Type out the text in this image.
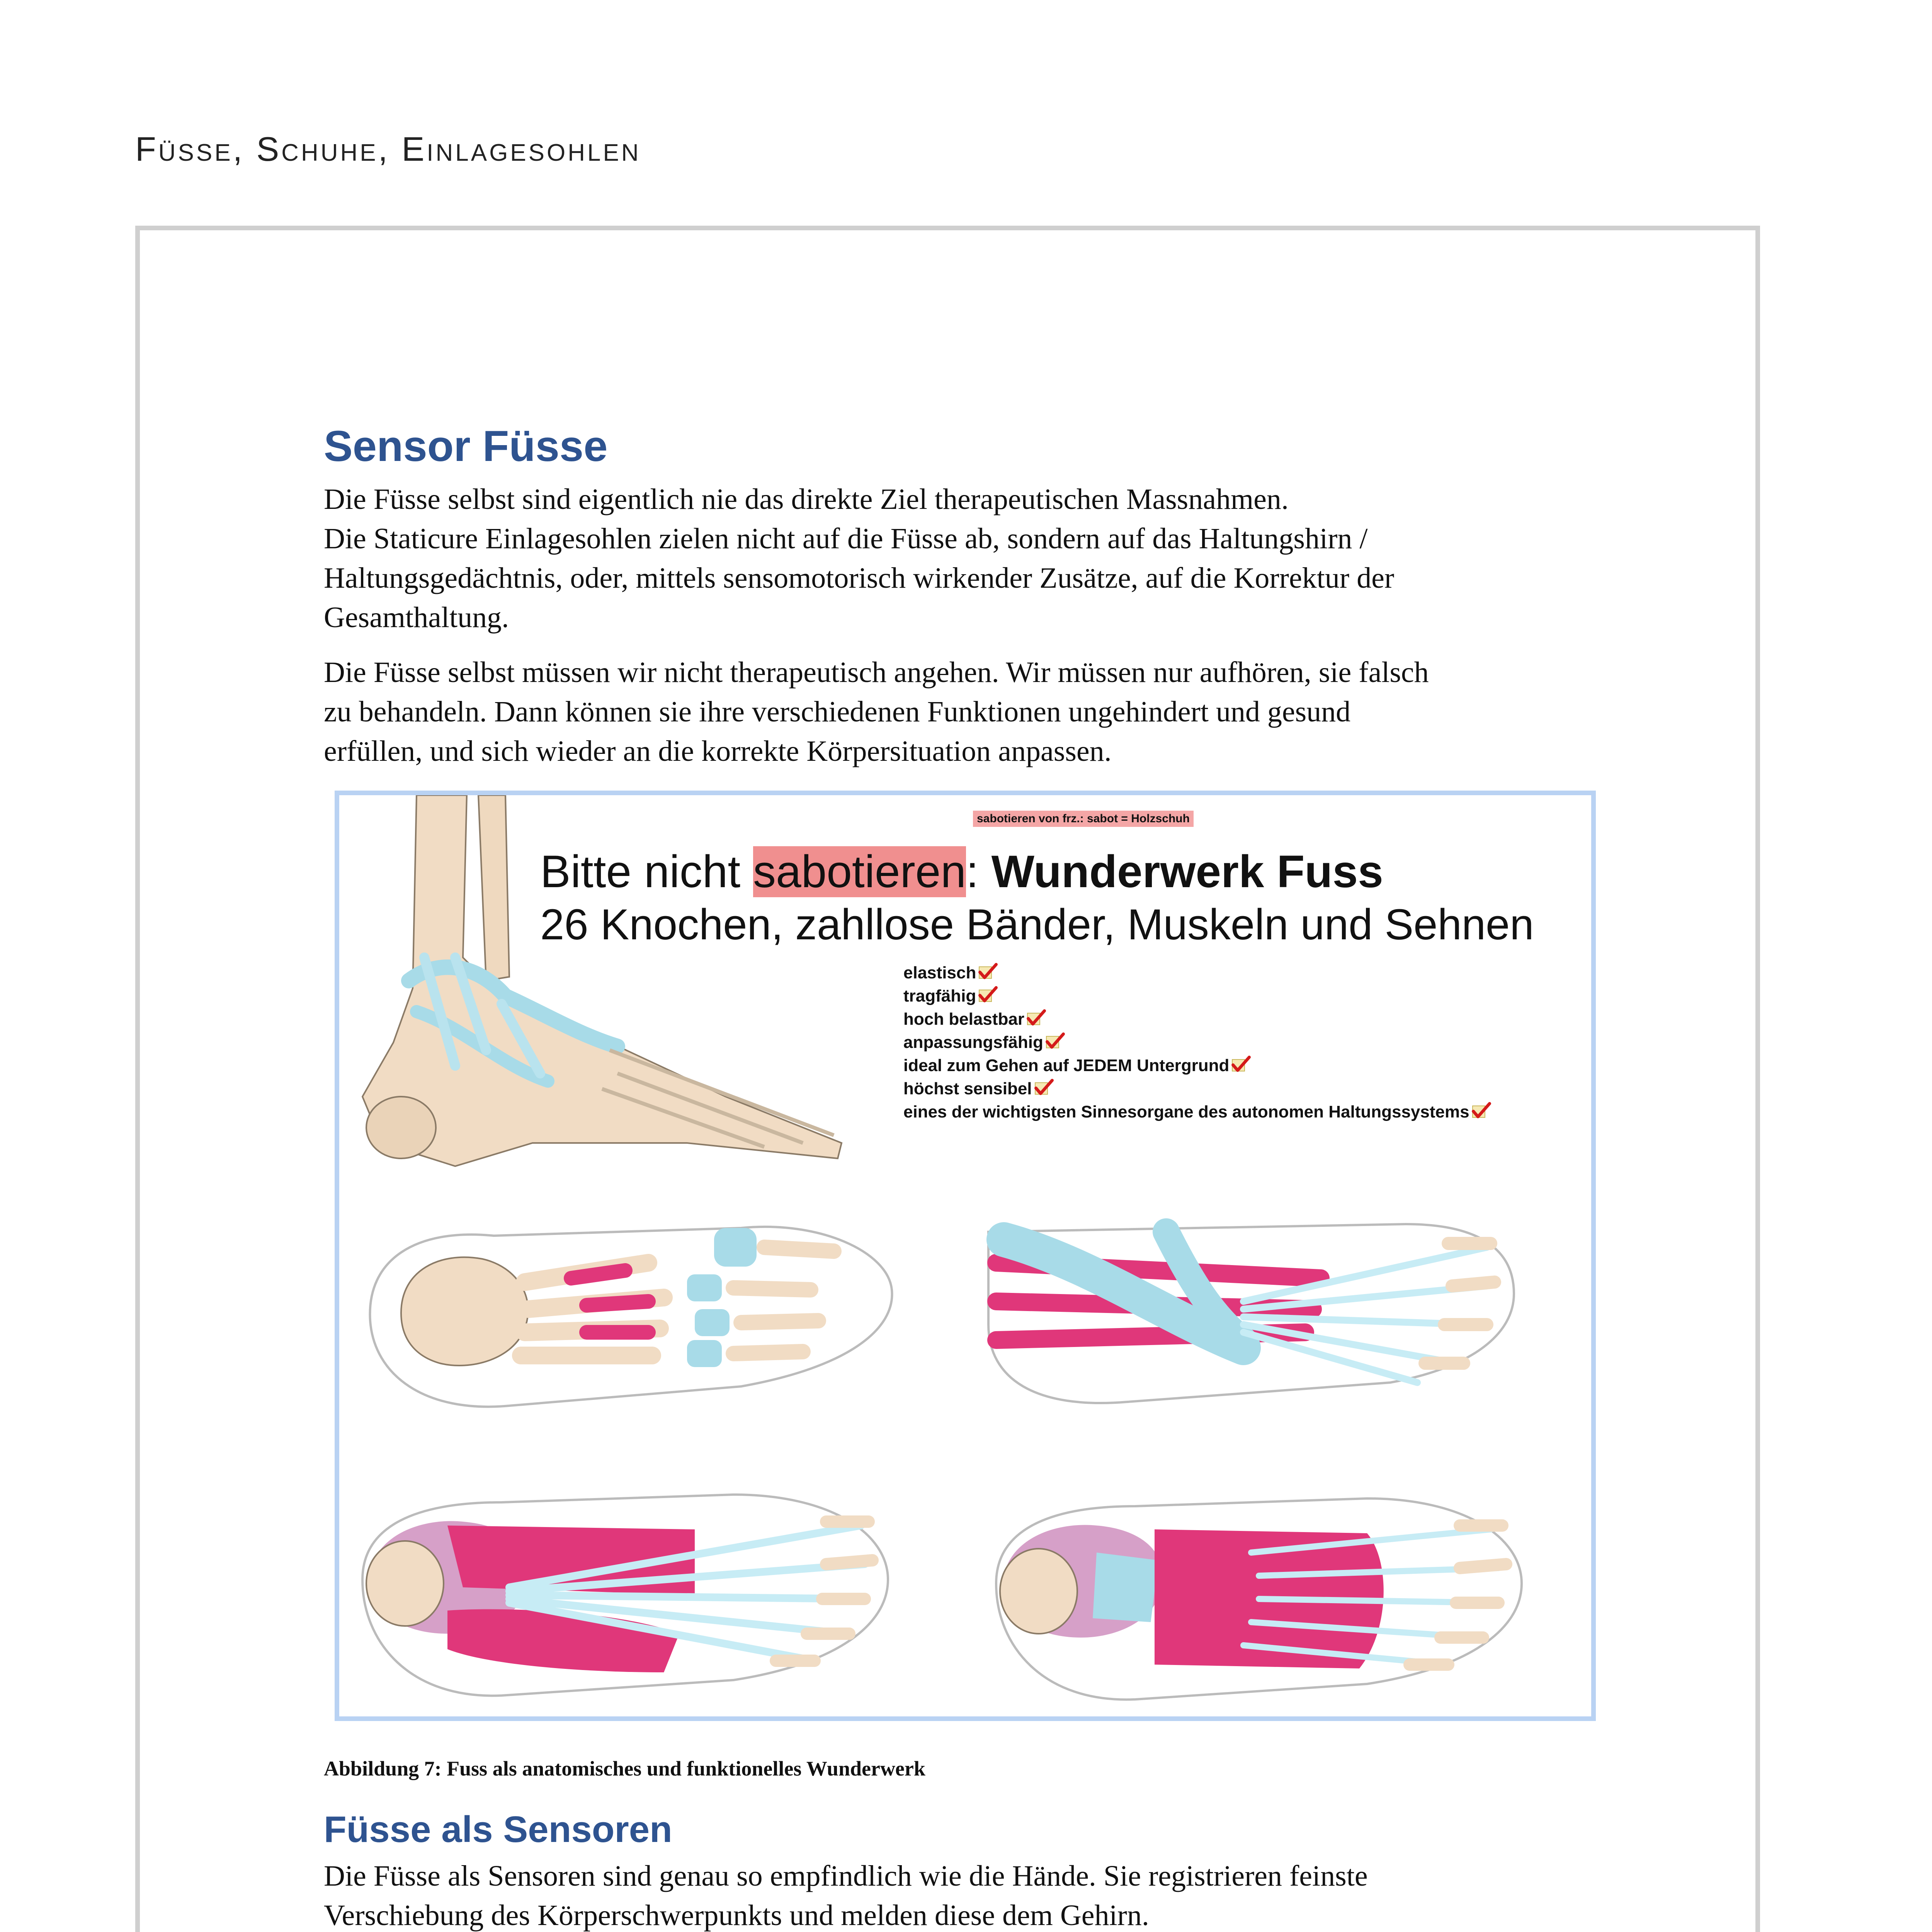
Füsse, Schuhe, Einlagesohlen
Sensor Füsse

Die Füsse selbst sind eigentlich nie das direkte Ziel therapeutischen Massnahmen.
Die Staticure Einlagesohlen zielen nicht auf die Füsse ab, sondern auf das Haltungshirn /
Haltungsgedächtnis, oder, mittels sensomotorisch wirkender Zusätze, auf die Korrektur der
Gesamthaltung.

Die Füsse selbst müssen wir nicht therapeutisch angehen. Wir müssen nur aufhören, sie falsch
zu behandeln. Dann können sie ihre verschiedenen Funktionen ungehindert und gesund
erfüllen, und sich wieder an die korrekte Körpersituation anpassen.

sabotieren von frz.: sabot = Holzschuh
Bitte nicht sabotieren: Wunderwerk Fuss
26 Knochen, zahllose Bänder, Muskeln und Sehnen
elastisch
tragfähig
hoch belastbar
anpassungsfähig
ideal zum Gehen auf JEDEM Untergrund
höchst sensibel
eines der wichtigsten Sinnesorgane des autonomen Haltungssystems
Abbildung 7: Fuss als anatomisches und funktionelles Wunderwerk
Füsse als Sensoren

Die Füsse als Sensoren sind genau so empfindlich wie die Hände. Sie registrieren feinste
Verschiebung des Körperschwerpunkts und melden diese dem Gehirn.
